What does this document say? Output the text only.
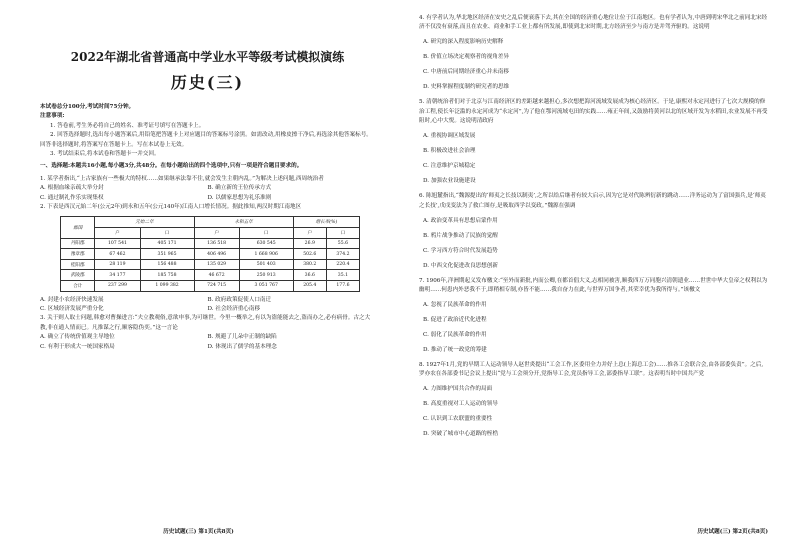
2022年湖北省普通高中学业水平等级考试模拟演练

历史(三)

本试卷总分100分,考试时间75分钟。

注意事项:

1. 答卷前,考生务必将自己的姓名、准考证号填写在答题卡上。

2. 回答选择题时,选出每小题答案后,用铅笔把答题卡上对应题目的答案标号涂黑。如需改动,用橡皮擦干净后,再选涂其他答案标号。回答非选择题时,将答案写在答题卡上。写在本试卷上无效。

3. 考试结束后,将本试卷和答题卡一并交回。

一、选择题:本题共16小题,每小题3分,共48分。在每小题给出的四个选项中,只有一项是符合题目要求的。

1. 某学者指出,“上古家族有一些极大的特权……如果继承法靠不住,就会发生主朝内乱。”为解决上述问题,西周统治者

A. 根据血缘亲疏大举分封	B. 确立新的王位传承方式
C. 通过制礼作乐实现集权	D. 以儒家思想为礼乐准则

2. 下表是西汉元始二年(公元2年)到永和五年(公元140年)江南人口增长情况。据此推知,两汉时期江南地区

郡国	元始二年		永和五年		增长率(%)	
	户	口	户	口	户	口
丹阳郡	107 541	405 171	136 518	630 545	26.9	55.6
豫章郡	67 462	351 965	406 496	1 668 906	502.6	374.2
桂阳郡	28 119	156 488	135 029	501 403	380.2	220.4
武陵郡	34 177	185 758	46 672	250 913	36.6	35.1
合计	237 299	1 099 382	724 715	3 051 767	205.4	177.6
A. 封建小农经济快速发展	B. 政府政策促使人口南迁
C. 区域经济发展严重分化	D. 社会经济重心南移

3. 关于则人取士问题,韩愈对曹操进言:“夫立教观俗,意欲申事,为可继世。今里一概举之,有以为盗能能去之,盗而办之,必有病骨。古之大教,非在通人情而已。凡推谋之行,顺客隐伪奕。”这一言论

A. 确立了传统价值观主导地位	B. 规避了儿朵中正制的缺陷
C. 有利于形成大一统国家格局	D. 体现出了儒学的基本理念
历史试题(三) 第1页(共8页)

4. 有学者认为,华北地区经济在安史之乱后便衰落下去,其在全国的经济重心地位让位于江南地区。也有学者认为,中唐到明宋华北之前同北宋经济不仅没有衰落,而且在农业、商业和手工业上都有所发展,即使到北宋时期,北方经济至少与南方是并驾齐驱的。这说明

A. 研究的深入程度影响历史解释

B. 价值立场决定观察者的视角差异

C. 中唐前后同期经济重心并未南移

D. 史料掌握程度制约研究者的思维

5. 清朝统治者们对于北京与江南经济区的差距越来越担心,多次想把海河流域发展成为核心经济区。于是,康熙对永定河进行了七次大规模的修治工程,使长年泛滥的永定河成为“永定河”,为了他在鄂河流域屯田的实践……雍正年间,又鼓励将黄河以北的区域开发为水稻田,农业发展不再受阻时,心中大悦。这说明清政府

A. 重视协调区域发展

B. 积极改进社会治理

C. 注意维护京城稳定

D. 加强农业设施建设

6. 陈旭麓指出,“魏源提出的‘师夷之长技以制夷’,之所以给后继者有较大启示,因为它是对代陈辨衍新的跳动……洋务运动为了富国强兵,是‘师夷之长技’,戊戌变法为了救亡图存,是吸取西学以变政。”魏源在强调

A. 政治变革具有思想启蒙作用

B. 鸦片战争推动了民族的觉醒

C. 学习西方符合时代发展趋势

D. 中西文化促进改良思想创新

7. 1906年,洋洲期起义发布檄文:“至外而新批,内而公卿,在都首倡大义,志相同被害,顺我四万万同胞兴清朝遗业……世世中华大皇帝之权利以为幽明……何患内外恶我不于,即稍相专制,亦皆不能……我自奋力在此,与世界万国争者,其荣幸优为我所得与。”该檄文

A. 忽视了民族革命的作用

B. 促进了政治近代化进程

C. 弱化了民族革命的作用

D. 推动了统一政党的筹建

8. 1927年1月,党的早期工人运动领导人赵世炎提出“工会工作,区委用全力并好上总(上海总工会)……推各工会联合会,由各部委负责”。之后,罗亦农在各部委书记会议上提出“党与工会须分开,党指导工会,党员指导工会,部委指导工联”。这表明当时中国共产党

A. 力图维护国共合作的局面

B. 高度重视对工人运动的领导

C. 认识到工农联盟的重要性

D. 突破了城市中心道路的桎梏

历史试题(三) 第2页(共8页)
